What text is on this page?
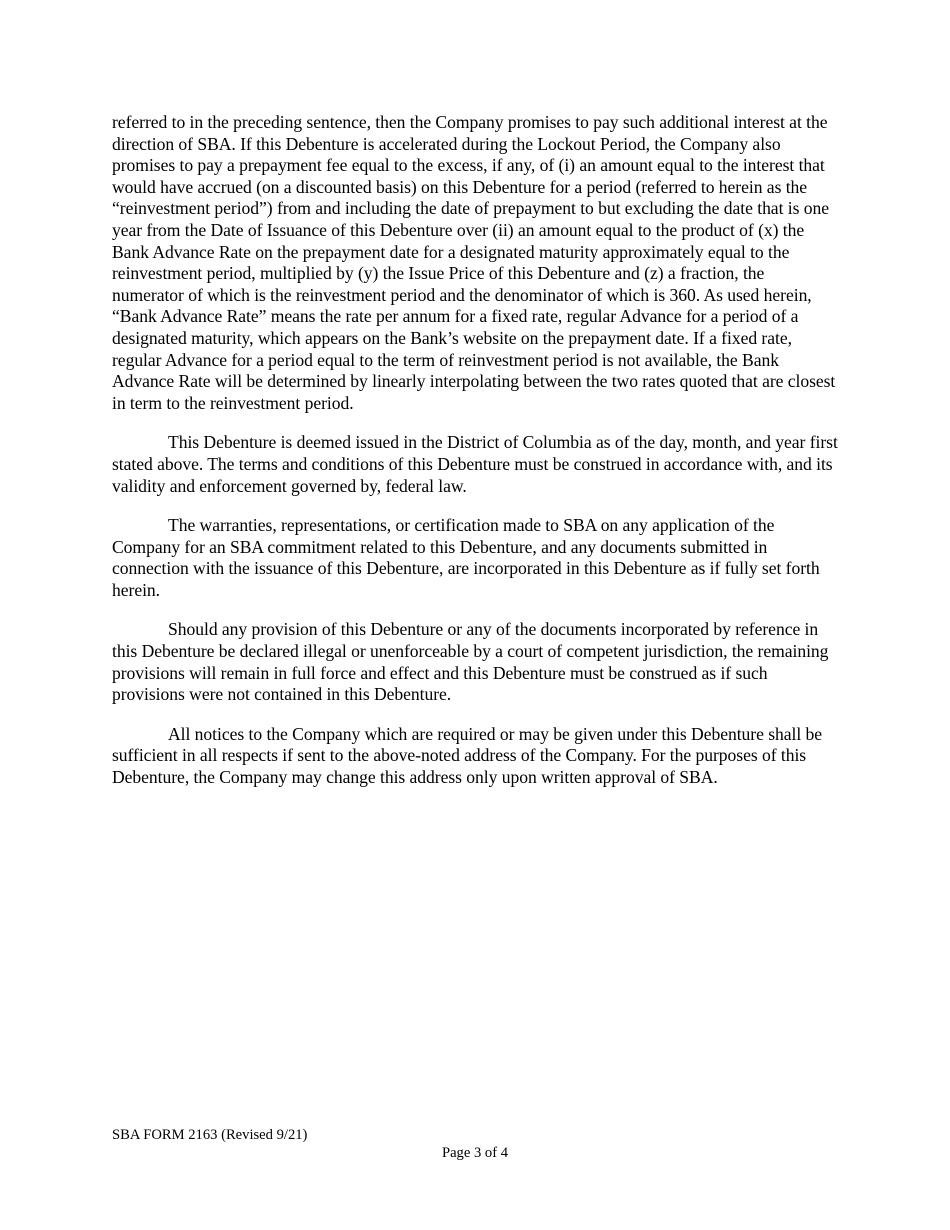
referred to in the preceding sentence, then the Company promises to pay such additional interest at the direction of SBA. If this Debenture is accelerated during the Lockout Period, the Company also promises to pay a prepayment fee equal to the excess, if any, of (i) an amount equal to the interest that would have accrued (on a discounted basis) on this Debenture for a period (referred to herein as the “reinvestment period”) from and including the date of prepayment to but excluding the date that is one year from the Date of Issuance of this Debenture over (ii) an amount equal to the product of (x) the Bank Advance Rate on the prepayment date for a designated maturity approximately equal to the reinvestment period, multiplied by (y) the Issue Price of this Debenture and (z) a fraction, the numerator of which is the reinvestment period and the denominator of which is 360. As used herein, “Bank Advance Rate” means the rate per annum for a fixed rate, regular Advance for a period of a designated maturity, which appears on the Bank’s website on the prepayment date. If a fixed rate, regular Advance for a period equal to the term of reinvestment period is not available, the Bank Advance Rate will be determined by linearly interpolating between the two rates quoted that are closest in term to the reinvestment period.

This Debenture is deemed issued in the District of Columbia as of the day, month, and year first stated above. The terms and conditions of this Debenture must be construed in accordance with, and its validity and enforcement governed by, federal law.

The warranties, representations, or certification made to SBA on any application of the Company for an SBA commitment related to this Debenture, and any documents submitted in connection with the issuance of this Debenture, are incorporated in this Debenture as if fully set forth herein.

Should any provision of this Debenture or any of the documents incorporated by reference in this Debenture be declared illegal or unenforceable by a court of competent jurisdiction, the remaining provisions will remain in full force and effect and this Debenture must be construed as if such provisions were not contained in this Debenture.

All notices to the Company which are required or may be given under this Debenture shall be sufficient in all respects if sent to the above-noted address of the Company. For the purposes of this Debenture, the Company may change this address only upon written approval of SBA.

SBA FORM 2163 (Revised 9/21)
Page 3 of 4
